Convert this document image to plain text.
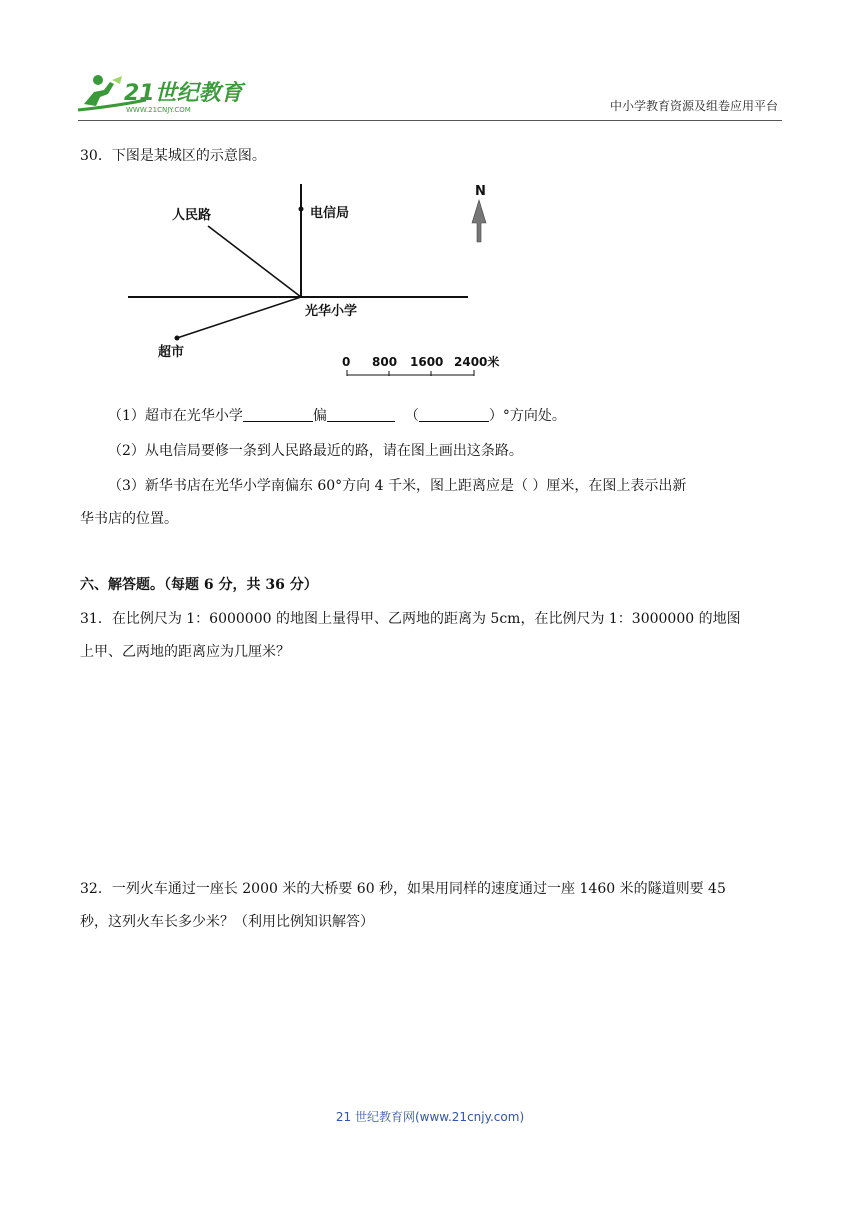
21世纪教育
WWW.21CNJY.COM	中小学教育资源及组卷应用平台
30．下图是某城区的示意图。
人民路	电信局
光华小学
超市
N
0 800 1600 2400米
（1）超市在光华小学	偏	（	）°方向处。
（2）从电信局要修一条到人民路最近的路，请在图上画出这条路。
（3）新华书店在光华小学南偏东 60°方向 4 千米，图上距离应是（ ）厘米，在图上表示出新
华书店的位置。
六、解答题。（每题 6 分，共 36 分）
31．在比例尺为 1：6000000 的地图上量得甲、乙两地的距离为 5cm，在比例尺为 1：3000000 的地图
上甲、乙两地的距离应为几厘米？
32．一列火车通过一座长 2000 米的大桥要 60 秒，如果用同样的速度通过一座 1460 米的隧道则要 45
秒，这列火车长多少米？（利用比例知识解答）
21 世纪教育网(www.21cnjy.com)
